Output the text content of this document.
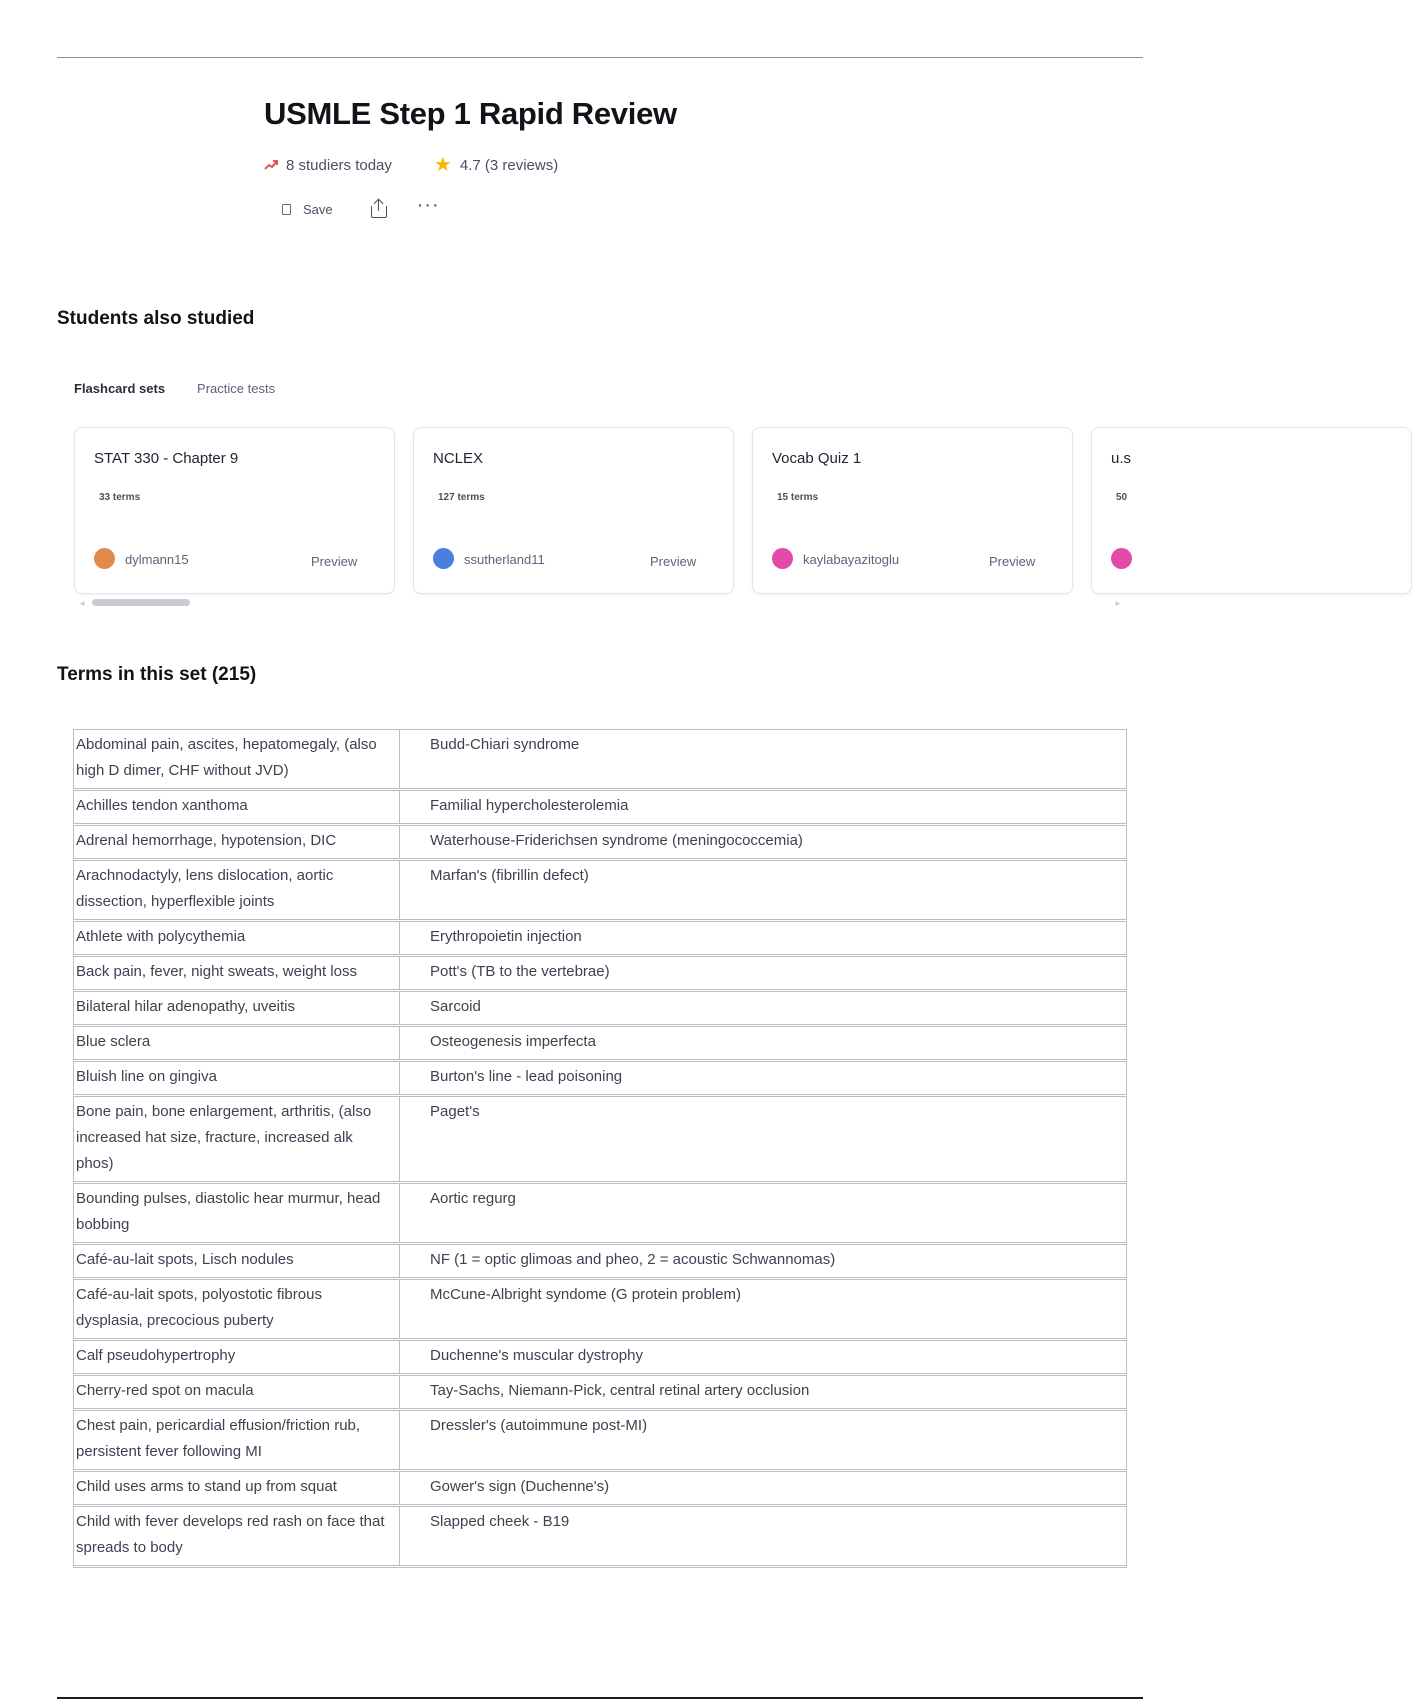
USMLE Step 1 Rapid Review
8 studiers today ★ 4.7 (3 reviews)
Save	···
Students also studied
Flashcard sets Practice tests
STAT 330 - Chapter 9
33 terms
dylmann15	Preview
NCLEX
127 terms
ssutherland11	Preview
Vocab Quiz 1
15 terms
kaylabayazitoglu	Preview
u.s
50
◂	▸
Terms in this set (215)
Abdominal pain, ascites, hepatomegaly, (also high D dimer, CHF without JVD)	Budd-Chiari syndrome
Achilles tendon xanthoma	Familial hypercholesterolemia
Adrenal hemorrhage, hypotension, DIC	Waterhouse-Friderichsen syndrome (meningococcemia)
Arachnodactyly, lens dislocation, aortic dissection, hyperflexible joints	Marfan's (fibrillin defect)
Athlete with polycythemia	Erythropoietin injection
Back pain, fever, night sweats, weight loss	Pott's (TB to the vertebrae)
Bilateral hilar adenopathy, uveitis	Sarcoid
Blue sclera	Osteogenesis imperfecta
Bluish line on gingiva	Burton's line - lead poisoning
Bone pain, bone enlargement, arthritis, (also increased hat size, fracture, increased alk phos)	Paget's
Bounding pulses, diastolic hear murmur, head bobbing	Aortic regurg
Café-au-lait spots, Lisch nodules	NF (1 = optic glimoas and pheo, 2 = acoustic Schwannomas)
Café-au-lait spots, polyostotic fibrous dysplasia, precocious puberty	McCune-Albright syndome (G protein problem)
Calf pseudohypertrophy	Duchenne's muscular dystrophy
Cherry-red spot on macula	Tay-Sachs, Niemann-Pick, central retinal artery occlusion
Chest pain, pericardial effusion/friction rub, persistent fever following MI	Dressler's (autoimmune post-MI)
Child uses arms to stand up from squat	Gower's sign (Duchenne's)
Child with fever develops red rash on face that spreads to body	Slapped cheek - B19
